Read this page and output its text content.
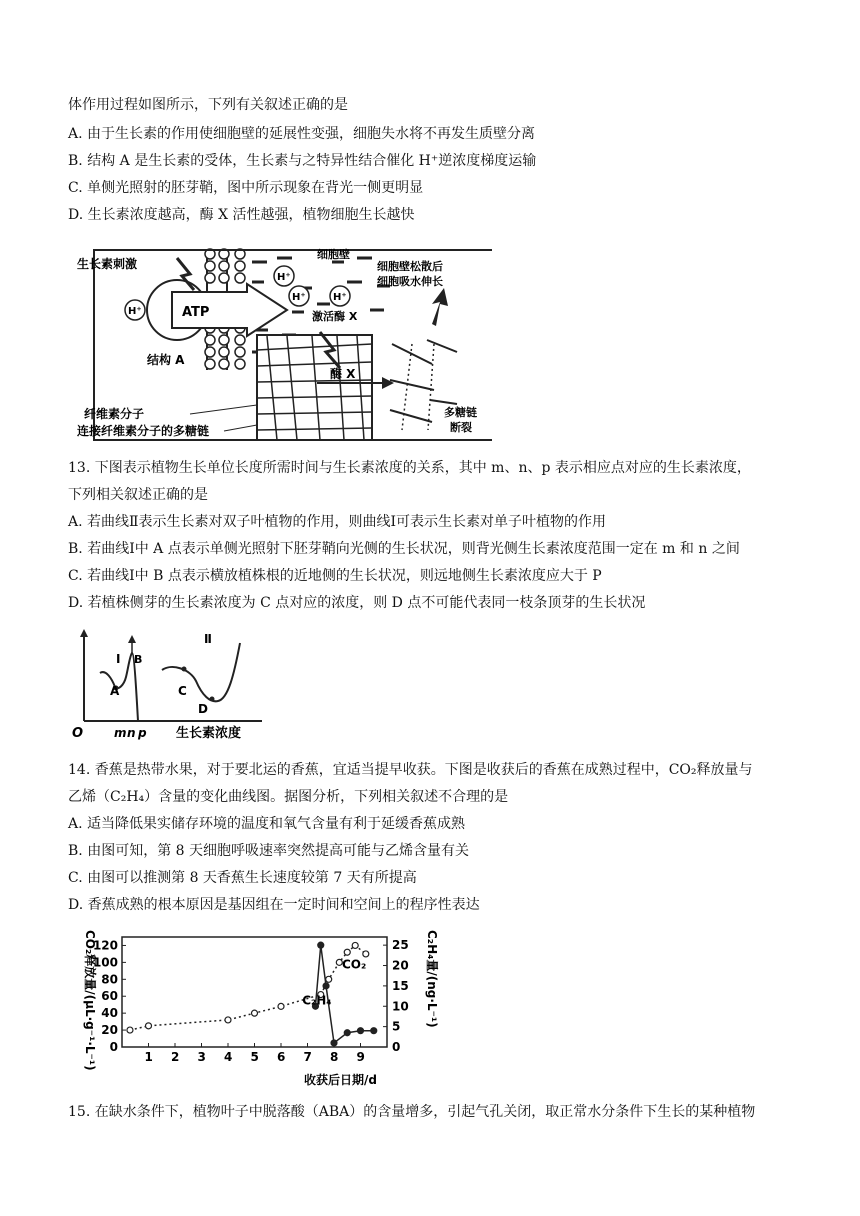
体作用过程如图所示，下列有关叙述正确的是
A. 由于生长素的作用使细胞壁的延展性变强，细胞失水将不再发生质壁分离
B. 结构 A 是生长素的受体，生长素与之特异性结合催化 H⁺逆浓度梯度运输
C. 单侧光照射的胚芽鞘，图中所示现象在背光一侧更明显
D. 生长素浓度越高，酶 X 活性越强，植物细胞生长越快
ATP
H⁺
H⁺
H⁺	H⁺
生长素刺激
结构 A
细胞壁
激活酶 X
酶 X
细胞壁松散后
细胞吸水伸长
多糖链
断裂
纤维素分子
连接纤维素分子的多糖链
13. 下图表示植物生长单位长度所需时间与生长素浓度的关系，其中 m、n、p 表示相应点对应的生长素浓度，
下列相关叙述正确的是
A. 若曲线Ⅱ表示生长素对双子叶植物的作用，则曲线Ⅰ可表示生长素对单子叶植物的作用
B. 若曲线Ⅰ中 A 点表示单侧光照射下胚芽鞘向光侧的生长状况，则背光侧生长素浓度范围一定在 m 和 n 之间
C. 若曲线Ⅰ中 B 点表示横放植株根的近地侧的生长状况，则远地侧生长素浓度应大于 P
D. 若植株侧芽的生长素浓度为 C 点对应的浓度，则 D 点不可能代表同一枝条顶芽的生长状况
O
Ⅰ B
A	C
D
Ⅱ
m n p 生长素浓度
14. 香蕉是热带水果，对于要北运的香蕉，宜适当提早收获。下图是收获后的香蕉在成熟过程中，CO₂释放量与
乙烯（C₂H₄）含量的变化曲线图。据图分析，下列相关叙述不合理的是
A. 适当降低果实储存环境的温度和氧气含量有利于延缓香蕉成熟
B. 由图可知，第 8 天细胞呼吸速率突然提高可能与乙烯含量有关
C. 由图可以推测第 8 天香蕉生长速度较第 7 天有所提高
D. 香蕉成熟的根本原因是基因组在一定时间和空间上的程序性表达
CO₂释放量/(μL·g⁻¹·L⁻¹)	C₂H₄量/(ng·L⁻¹)
收获后日期/d
1 2 3 4 5 6 7 8 9
0
20
40
60
80
100
120
0
5
10
15
20
25
CO₂
C₂H₄
15. 在缺水条件下，植物叶子中脱落酸（ABA）的含量增多，引起气孔关闭，取正常水分条件下生长的某种植物
